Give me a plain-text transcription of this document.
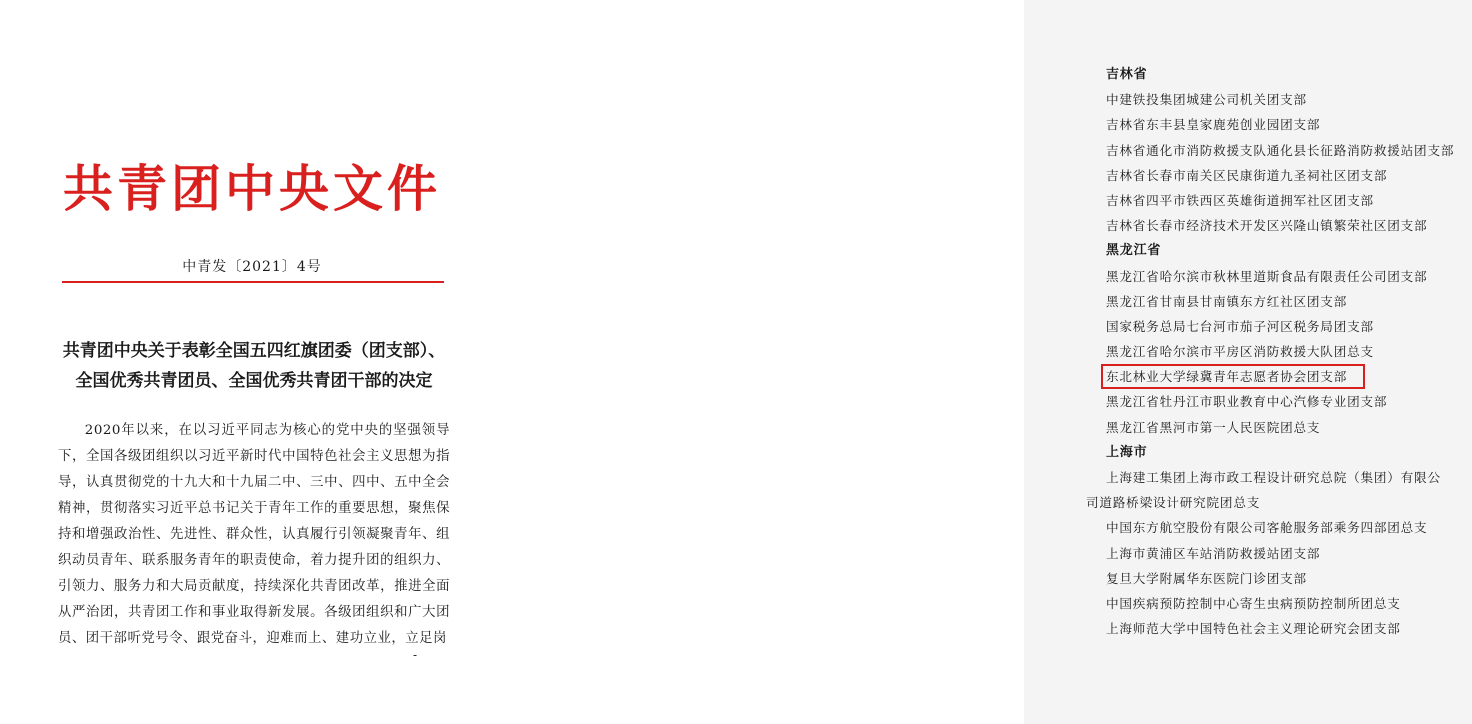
共青团中央文件
中青发〔2021〕4号
共青团中央关于表彰全国五四红旗团委（团支部）、
全国优秀共青团员、全国优秀共青团干部的决定

2020年以来，在以习近平同志为核心的党中央的坚强领导下，全国各级团组织以习近平新时代中国特色社会主义思想为指导，认真贯彻党的十九大和十九届二中、三中、四中、五中全会精神，贯彻落实习近平总书记关于青年工作的重要思想，聚焦保持和增强政治性、先进性、群众性，认真履行引领凝聚青年、组织动员青年、联系服务青年的职责使命，着力提升团的组织力、引领力、服务力和大局贡献度，持续深化共青团改革，推进全面从严治团，共青团工作和事业取得新发展。各级团组织和广大团员、团干部听党号令、跟党奋斗，迎难而上、建功立业，立足岗

-
吉林省
中建铁投集团城建公司机关团支部
吉林省东丰县皇家鹿苑创业园团支部
吉林省通化市消防救援支队通化县长征路消防救援站团支部
吉林省长春市南关区民康街道九圣祠社区团支部
吉林省四平市铁西区英雄街道拥军社区团支部
吉林省长春市经济技术开发区兴隆山镇繁荣社区团支部
黑龙江省
黑龙江省哈尔滨市秋林里道斯食品有限责任公司团支部
黑龙江省甘南县甘南镇东方红社区团支部
国家税务总局七台河市茄子河区税务局团支部
黑龙江省哈尔滨市平房区消防救援大队团总支
东北林业大学绿冀青年志愿者协会团支部
黑龙江省牡丹江市职业教育中心汽修专业团支部
黑龙江省黑河市第一人民医院团总支
上海市
上海建工集团上海市政工程设计研究总院（集团）有限公
司道路桥梁设计研究院团总支
中国东方航空股份有限公司客舱服务部乘务四部团总支
上海市黄浦区车站消防救援站团支部
复旦大学附属华东医院门诊团支部
中国疾病预防控制中心寄生虫病预防控制所团总支
上海师范大学中国特色社会主义理论研究会团支部
